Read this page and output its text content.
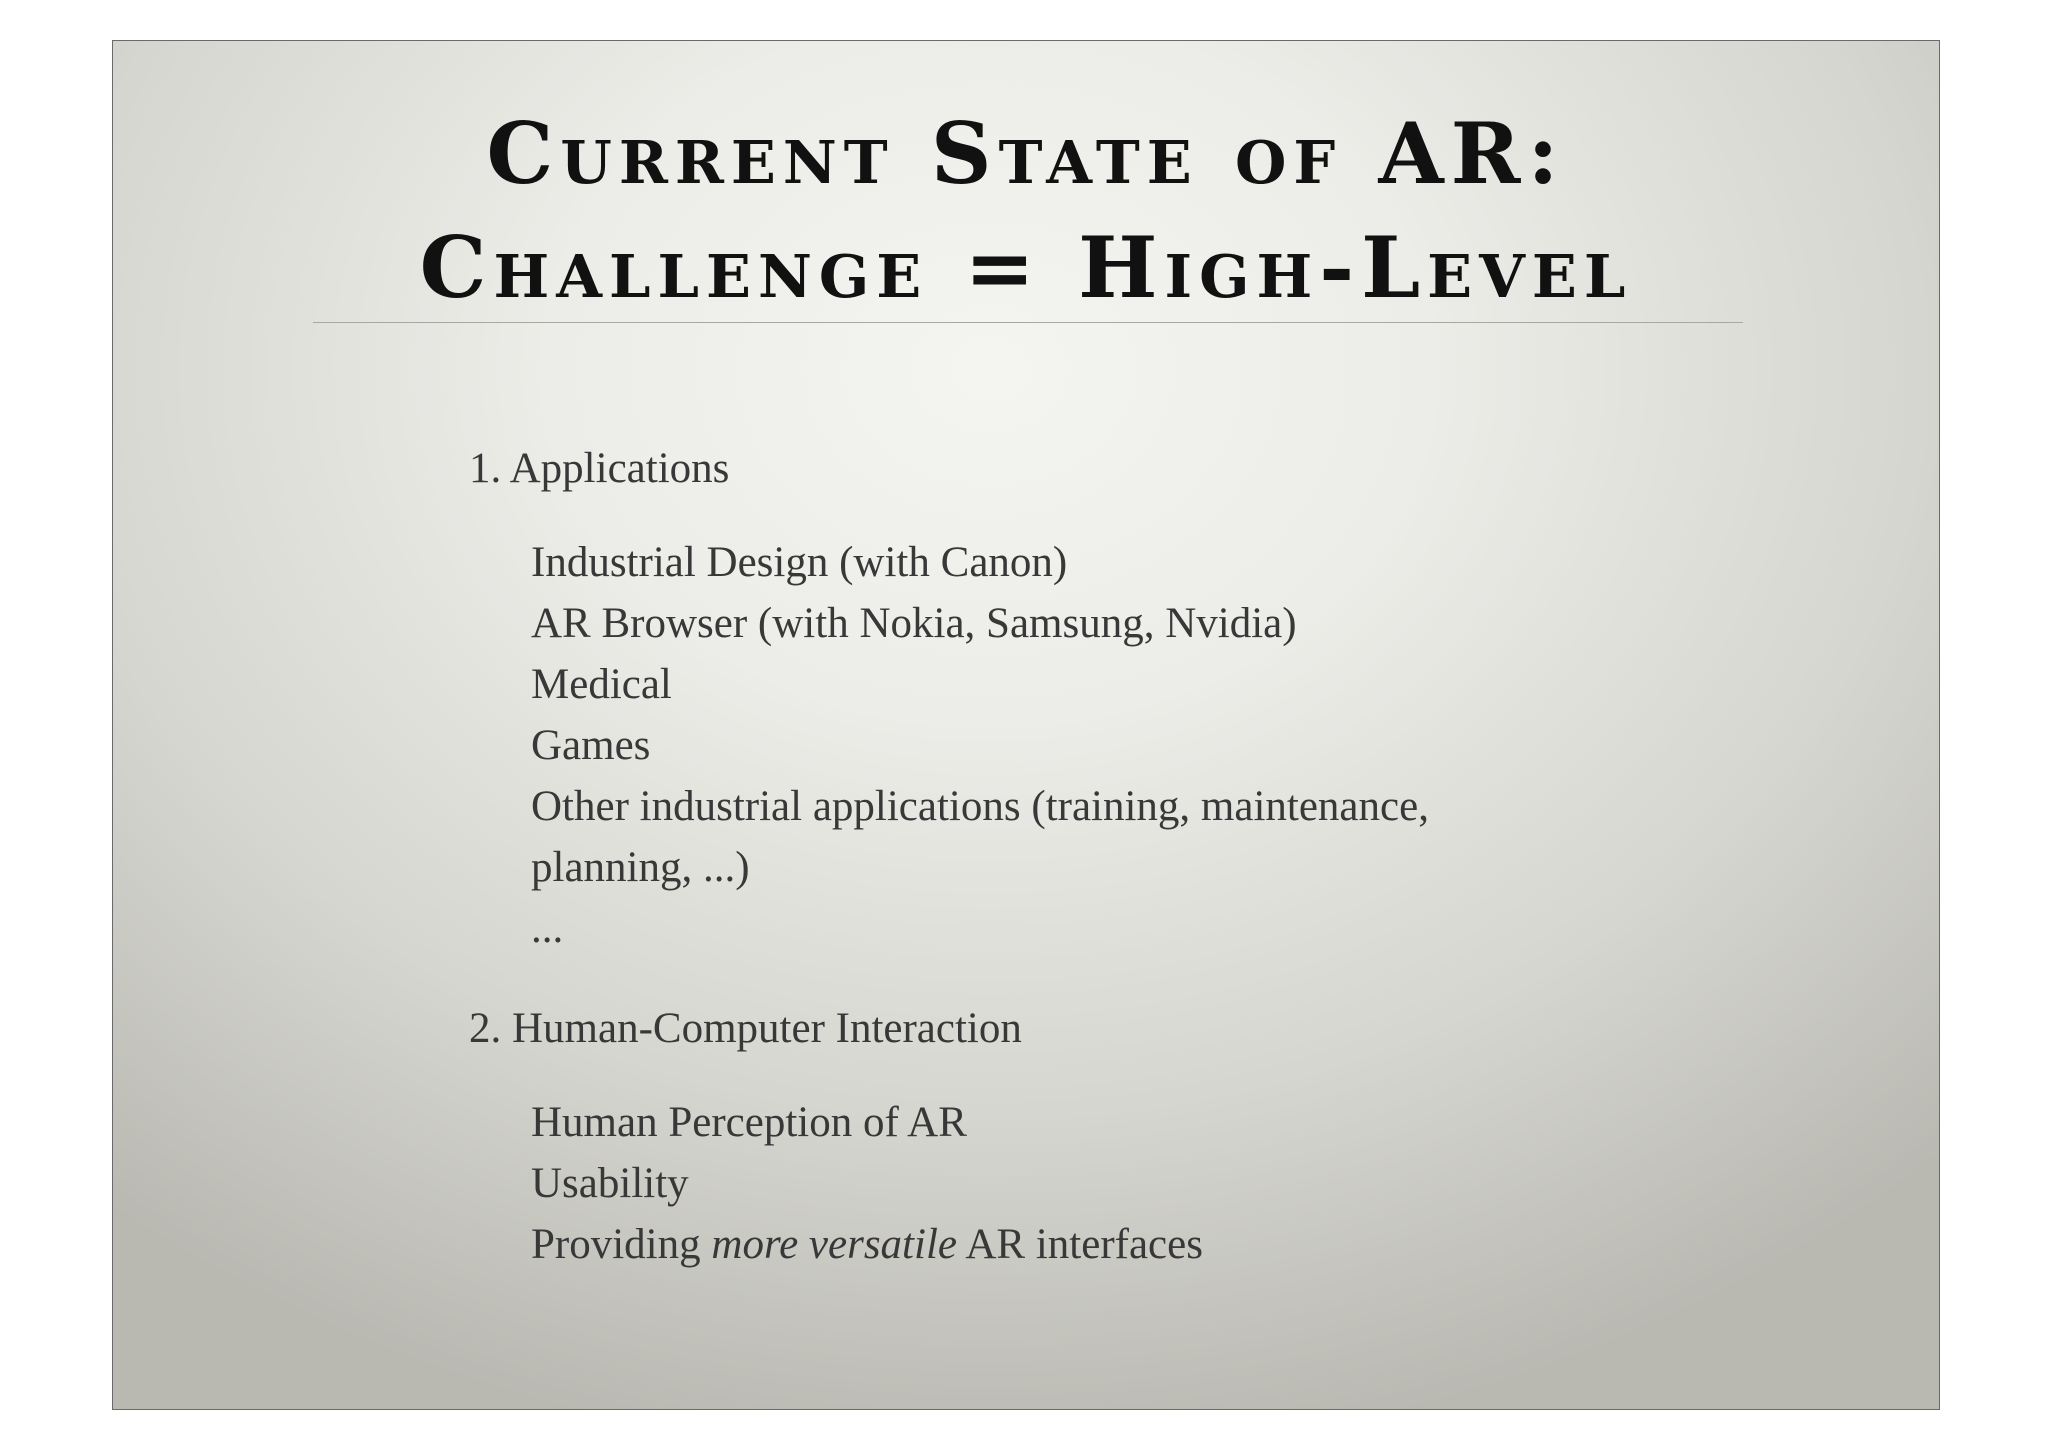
Current State of AR:
Challenge = High-Level

1. Applications

Industrial Design (with Canon)
AR Browser (with Nokia, Samsung, Nvidia)
Medical
Games
Other industrial applications (training, maintenance,
planning, ...)
...

2. Human-Computer Interaction

Human Perception of AR
Usability
Providing more versatile AR interfaces
